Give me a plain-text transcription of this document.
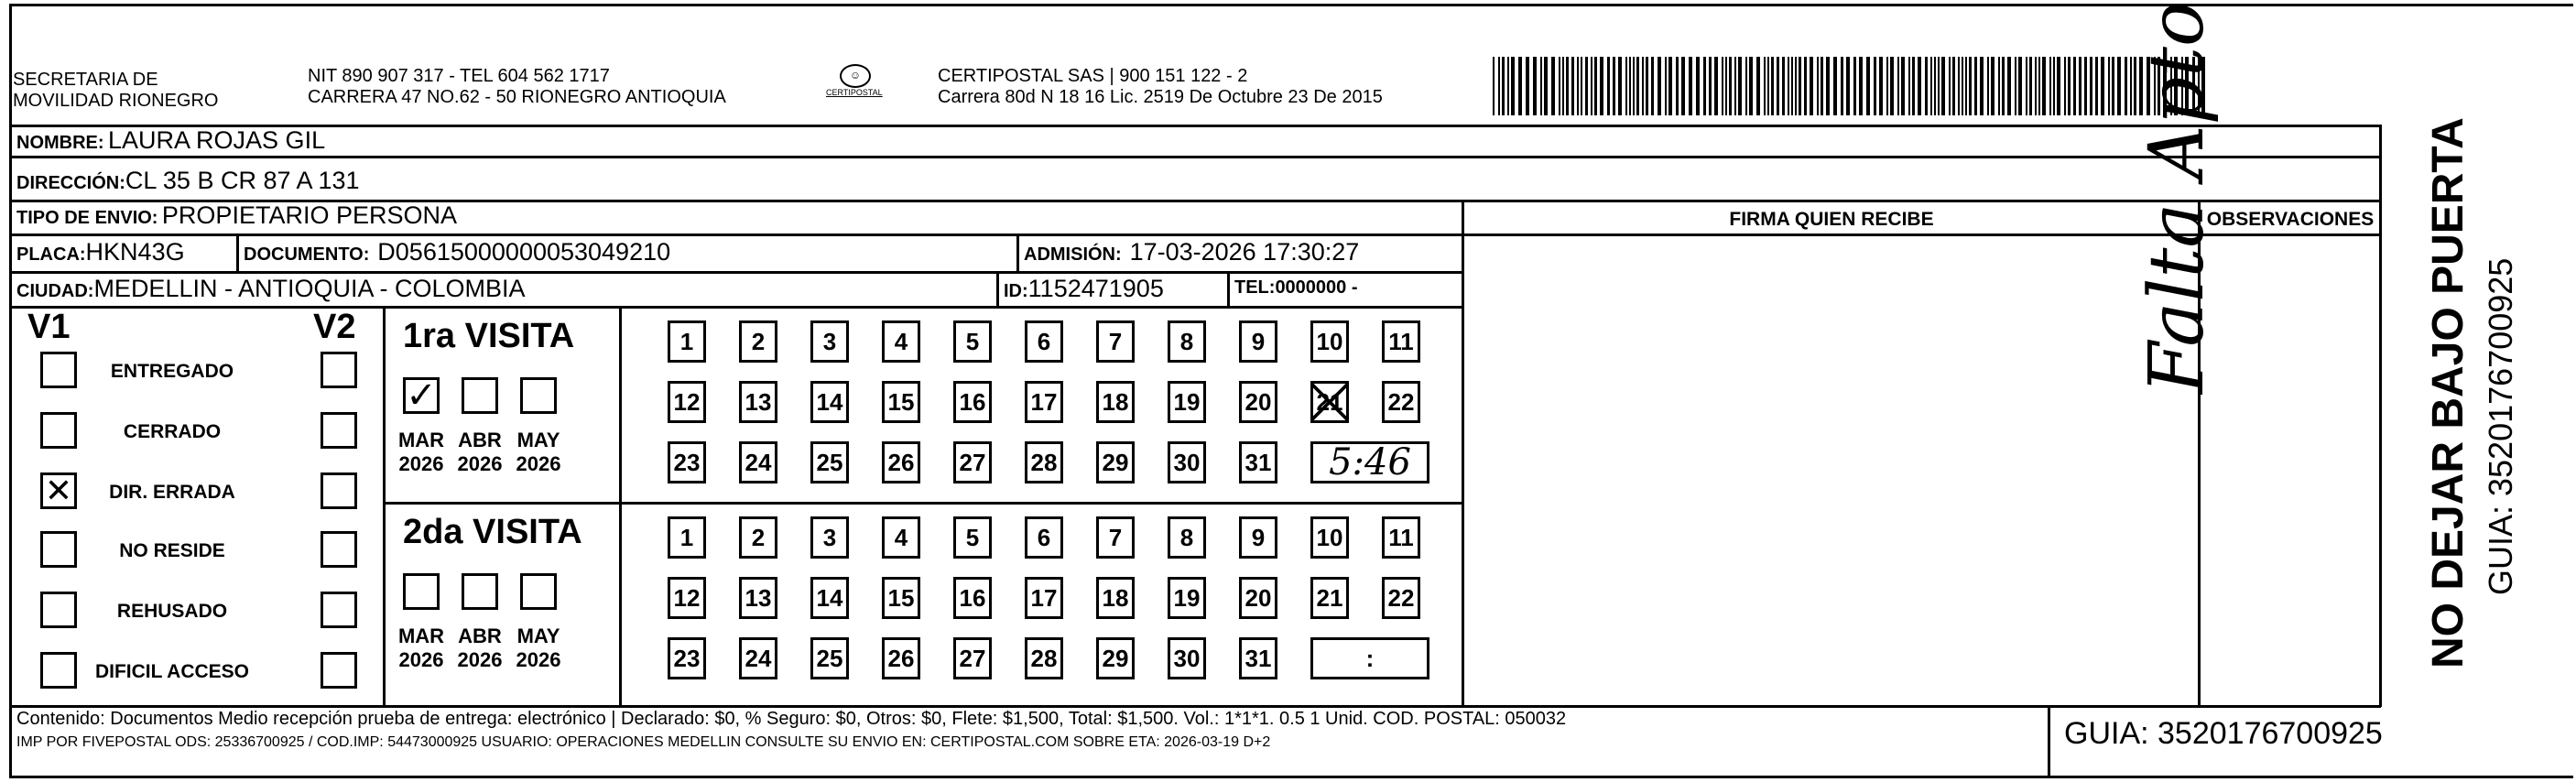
SECRETARIA DE
MOVILIDAD RIONEGRO
NIT 890 907 317 - TEL 604 562 1717
CARRERA 47 NO.62 - 50 RIONEGRO ANTIOQUIA
☺
CERTIPOSTAL
CERTIPOSTAL SAS | 900 151 122 - 2
Carrera 80d N 18 16 Lic. 2519 De Octubre 23 De 2015
NOMBRE: LAURA ROJAS GIL
DIRECCIÓN:CL 35 B CR 87 A 131
TIPO DE ENVIO: PROPIETARIO PERSONA
PLACA:HKN43G	DOCUMENTO: D05615000000053049210	ADMISIÓN: 17-03-2026 17:30:27
CIUDAD:MEDELLIN - ANTIOQUIA - COLOMBIA	ID:1152471905	TEL:0000000 -
FIRMA QUIEN RECIBE	OBSERVACIONES
Falta Apto
V1	V2
ENTREGADO
CERRADO
✕	DIR. ERRADA
NO RESIDE
REHUSADO
DIFICIL ACCESO
1ra VISITA
✓
MAR
2026
ABR
2026
MAY
2026
1	2	3	4	5	6	7	8	9	10 11
12 13 14 15 16 17 18 19 20 21 22
23 24 25 26 27 28 29 30 31	5:46
2da VISITA
MAR
2026
ABR
2026
MAY
2026
1	2	3	4	5	6	7	8	9	10 11
12 13 14 15 16 17 18 19 20 21 22
23 24 25 26 27 28 29 30 31	:
Contenido: Documentos Medio recepción prueba de entrega: electrónico | Declarado: $0, % Seguro: $0, Otros: $0, Flete: $1,500, Total: $1,500. Vol.: 1*1*1. 0.5 1 Unid. COD. POSTAL: 050032
IMP POR FIVEPOSTAL ODS: 25336700925 / COD.IMP: 54473000925 USUARIO: OPERACIONES MEDELLIN CONSULTE SU ENVIO EN: CERTIPOSTAL.COM SOBRE ETA: 2026-03-19 D+2	GUIA: 3520176700925
NO DEJAR BAJO PUERTA GUIA: 3520176700925
